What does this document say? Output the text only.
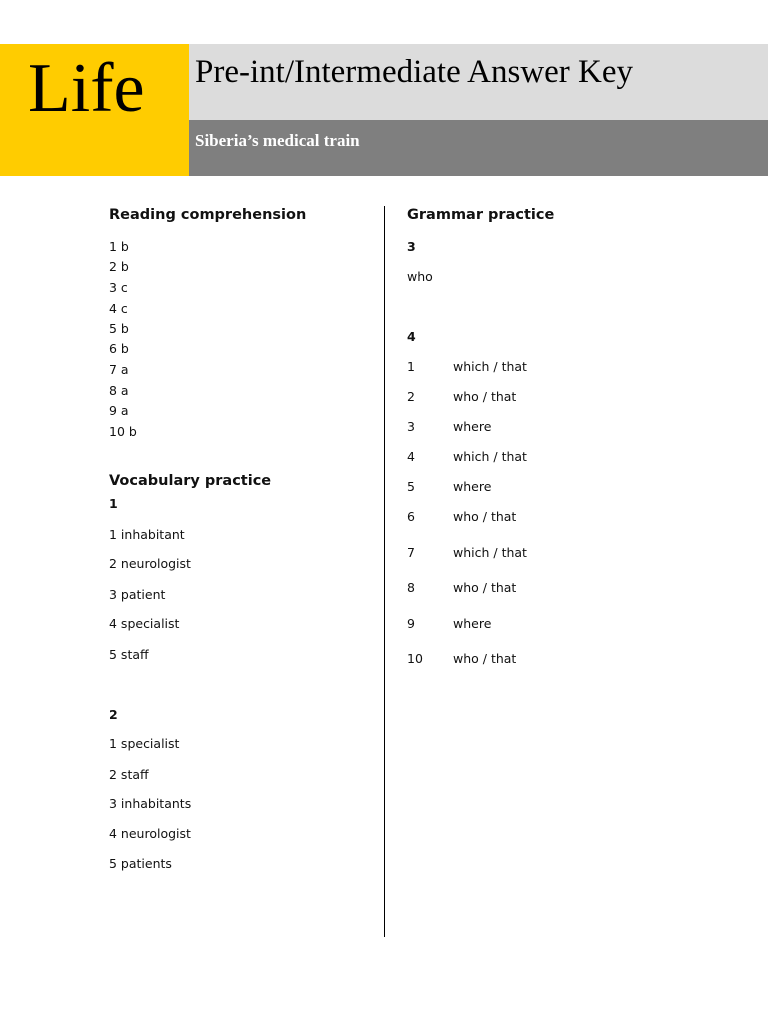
Life Pre-int/Intermediate Answer Key
Siberia’s medical train
Reading comprehension
1 b
2 b
3 c
4 c
5 b
6 b
7 a
8 a
9 a
10 b
Vocabulary practice
1
1 inhabitant
2 neurologist
3 patient
4 specialist
5 staff
2
1 specialist
2 staff
3 inhabitants
4 neurologist
5 patients
Grammar practice
3
who
4
1	which / that
2	who / that
3	where
4	which / that
5	where
6	who / that
7	which / that
8	who / that
9	where
10 who / that
